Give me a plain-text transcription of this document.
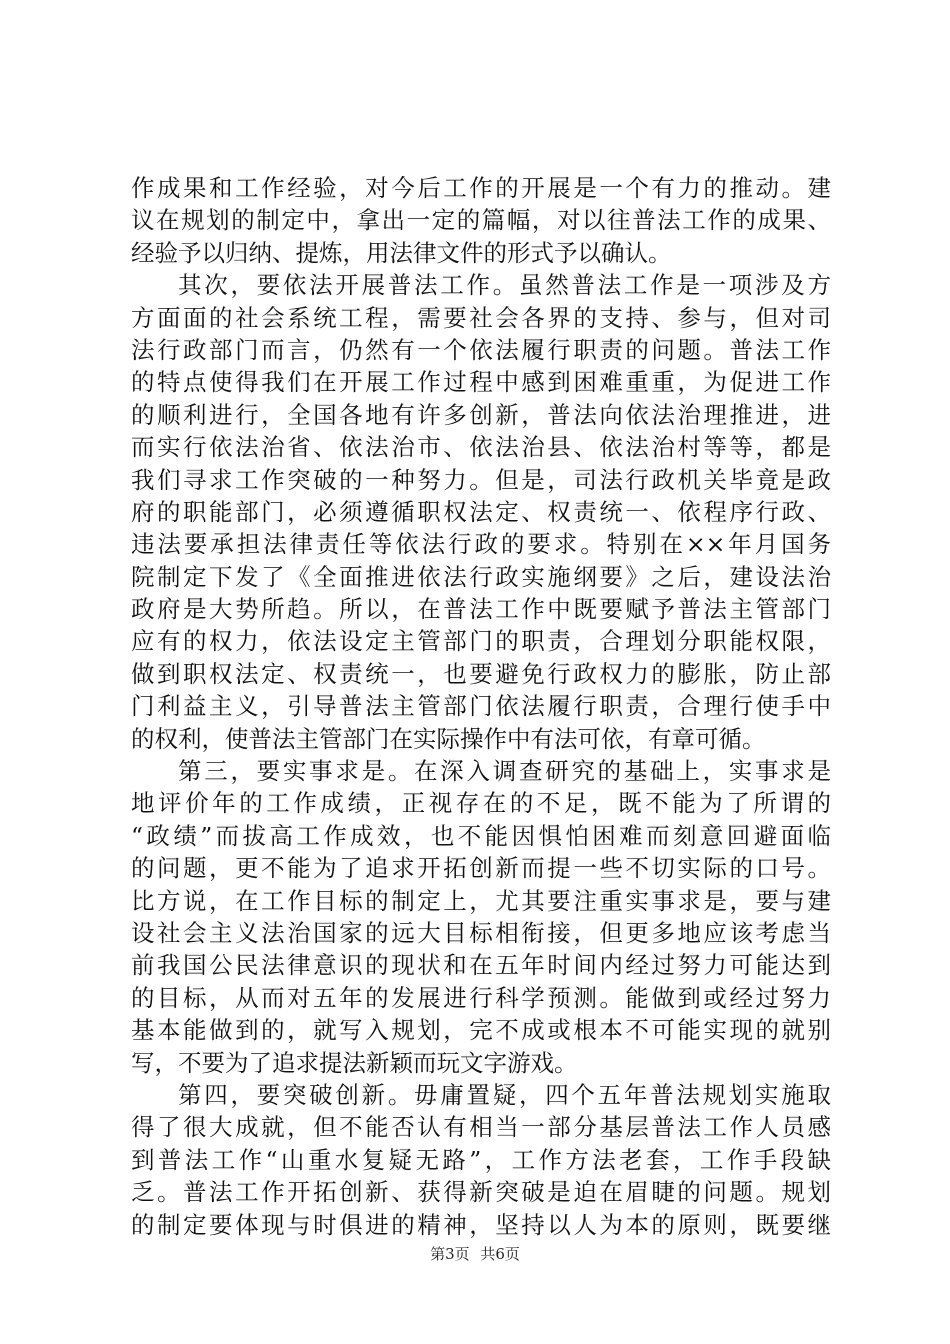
作成果和工作经验，对今后工作的开展是一个有力的推动。建
议在规划的制定中，拿出一定的篇幅，对以往普法工作的成果、
经验予以归纳、提炼，用法律文件的形式予以确认。
其次，要依法开展普法工作。虽然普法工作是一项涉及方
方面面的社会系统工程，需要社会各界的支持、参与，但对司
法行政部门而言，仍然有一个依法履行职责的问题。普法工作
的特点使得我们在开展工作过程中感到困难重重，为促进工作
的顺利进行，全国各地有许多创新，普法向依法治理推进，进
而实行依法治省、依法治市、依法治县、依法治村等等，都是
我们寻求工作突破的一种努力。但是，司法行政机关毕竟是政
府的职能部门，必须遵循职权法定、权责统一、依程序行政、
违法要承担法律责任等依法行政的要求。特别在××年月国务
院制定下发了《全面推进依法行政实施纲要》之后，建设法治
政府是大势所趋。所以，在普法工作中既要赋予普法主管部门
应有的权力，依法设定主管部门的职责，合理划分职能权限，
做到职权法定、权责统一，也要避免行政权力的膨胀，防止部
门利益主义，引导普法主管部门依法履行职责，合理行使手中
的权利，使普法主管部门在实际操作中有法可依，有章可循。
第三，要实事求是。在深入调查研究的基础上，实事求是
地评价年的工作成绩，正视存在的不足，既不能为了所谓的
“政绩”而拔高工作成效，也不能因惧怕困难而刻意回避面临
的问题，更不能为了追求开拓创新而提一些不切实际的口号。
比方说，在工作目标的制定上，尤其要注重实事求是，要与建
设社会主义法治国家的远大目标相衔接，但更多地应该考虑当
前我国公民法律意识的现状和在五年时间内经过努力可能达到
的目标，从而对五年的发展进行科学预测。能做到或经过努力
基本能做到的，就写入规划，完不成或根本不可能实现的就别
写，不要为了追求提法新颖而玩文字游戏。
第四，要突破创新。毋庸置疑，四个五年普法规划实施取
得了很大成就，但不能否认有相当一部分基层普法工作人员感
到普法工作“山重水复疑无路”，工作方法老套，工作手段缺
乏。普法工作开拓创新、获得新突破是迫在眉睫的问题。规划
的制定要体现与时俱进的精神，坚持以人为本的原则，既要继
第3页 共6页
